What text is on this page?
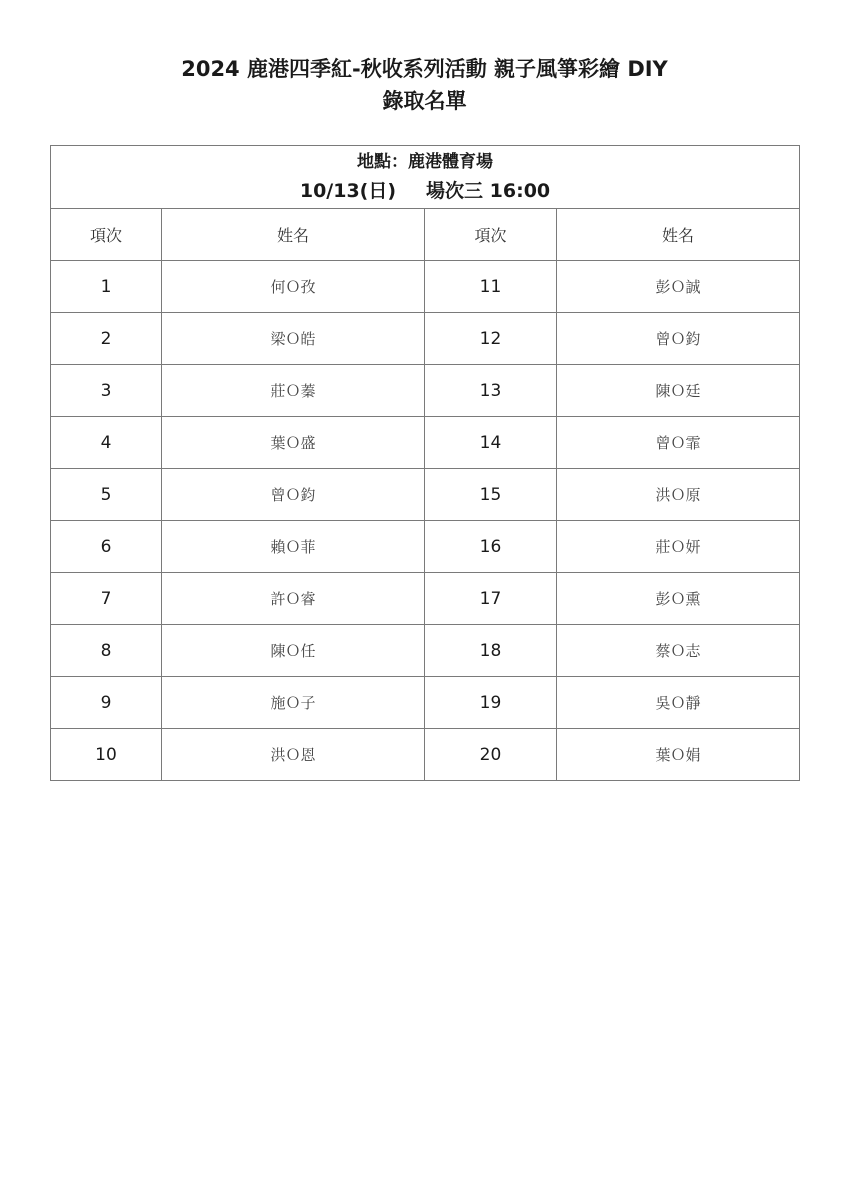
2024 鹿港四季紅-秋收系列活動 親子風箏彩繪 DIY
錄取名單
地點：鹿港體育場
10/13(日) 場次三 16:00			

項次	姓名	項次	姓名
1	何Ｏ孜	11	彭Ｏ誠
2	梁Ｏ皓	12	曾Ｏ鈞
3	莊Ｏ蓁	13	陳Ｏ廷
4	葉Ｏ盛	14	曾Ｏ霏
5	曾Ｏ鈞	15	洪Ｏ原
6	賴Ｏ菲	16	莊Ｏ妍
7	許Ｏ睿	17	彭Ｏ熏
8	陳Ｏ任	18	蔡Ｏ志
9	施Ｏ子	19	吳Ｏ靜
10	洪Ｏ恩	20	葉Ｏ娟
